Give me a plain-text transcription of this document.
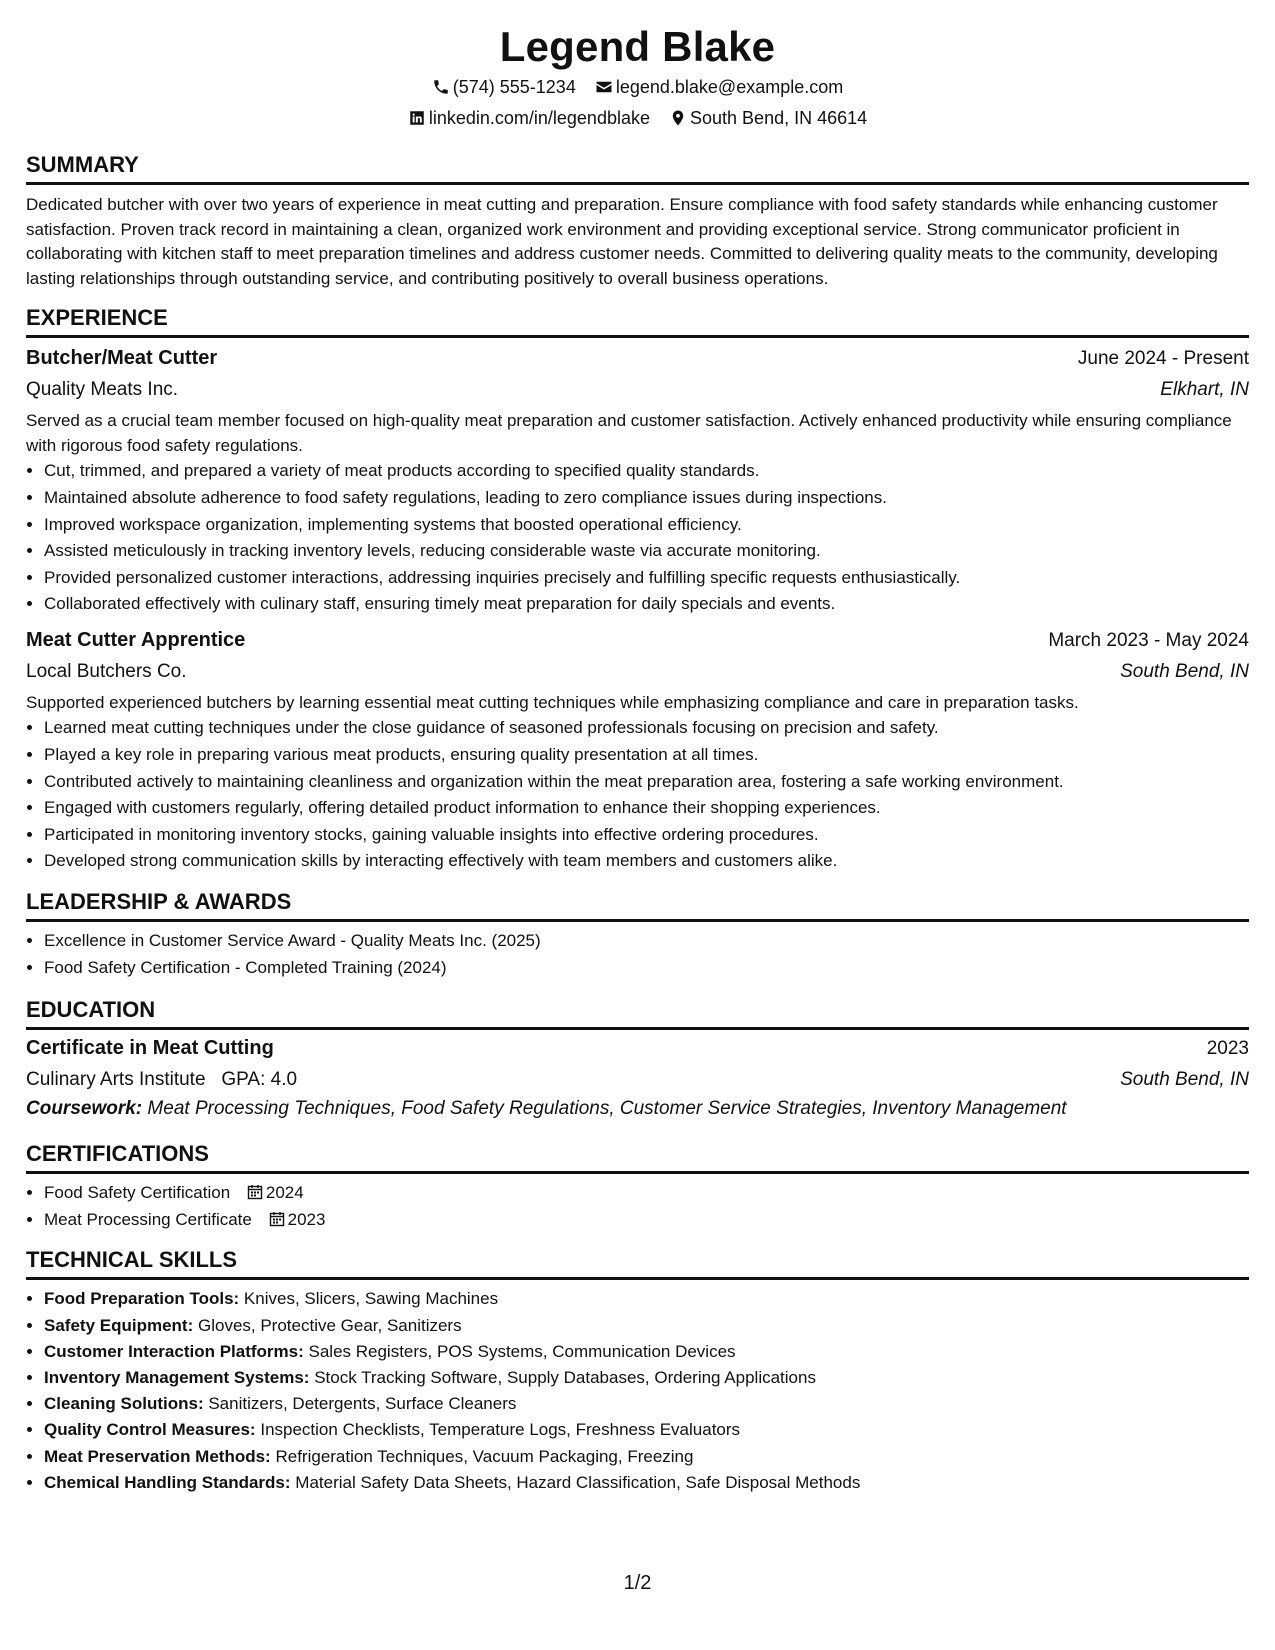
Legend Blake
(574) 555-1234
legend.blake@example.com
linkedin.com/in/legendblake
South Bend, IN 46614
SUMMARY

Dedicated butcher with over two years of experience in meat cutting and preparation. Ensure compliance with food safety standards while enhancing customer satisfaction. Proven track record in maintaining a clean, organized work environment and providing exceptional service. Strong communicator proficient in collaborating with kitchen staff to meet preparation timelines and address customer needs. Committed to delivering quality meats to the community, developing lasting relationships through outstanding service, and contributing positively to overall business operations.

EXPERIENCE
Butcher/Meat Cutter	June 2024 - Present
Quality Meats Inc.	Elkhart, IN

Served as a crucial team member focused on high-quality meat preparation and customer satisfaction. Actively enhanced productivity while ensuring compliance with rigorous food safety regulations.

• Cut, trimmed, and prepared a variety of meat products according to specified quality standards.
• Maintained absolute adherence to food safety regulations, leading to zero compliance issues during inspections.
• Improved workspace organization, implementing systems that boosted operational efficiency.
• Assisted meticulously in tracking inventory levels, reducing considerable waste via accurate monitoring.
• Provided personalized customer interactions, addressing inquiries precisely and fulfilling specific requests enthusiastically.
• Collaborated effectively with culinary staff, ensuring timely meat preparation for daily specials and events.
Meat Cutter Apprentice	March 2023 - May 2024
Local Butchers Co.	South Bend, IN

Supported experienced butchers by learning essential meat cutting techniques while emphasizing compliance and care in preparation tasks.

• Learned meat cutting techniques under the close guidance of seasoned professionals focusing on precision and safety.
• Played a key role in preparing various meat products, ensuring quality presentation at all times.
• Contributed actively to maintaining cleanliness and organization within the meat preparation area, fostering a safe working environment.
• Engaged with customers regularly, offering detailed product information to enhance their shopping experiences.
• Participated in monitoring inventory stocks, gaining valuable insights into effective ordering procedures.
• Developed strong communication skills by interacting effectively with team members and customers alike.
LEADERSHIP & AWARDS
• Excellence in Customer Service Award - Quality Meats Inc. (2025)
• Food Safety Certification - Completed Training (2024)
EDUCATION
Certificate in Meat Cutting	2023
Culinary Arts Institute GPA: 4.0	South Bend, IN
Coursework: Meat Processing Techniques, Food Safety Regulations, Customer Service Strategies, Inventory Management
CERTIFICATIONS
• Food Safety Certification 2024
• Meat Processing Certificate 2023
TECHNICAL SKILLS
• Food Preparation Tools: Knives, Slicers, Sawing Machines
• Safety Equipment: Gloves, Protective Gear, Sanitizers
• Customer Interaction Platforms: Sales Registers, POS Systems, Communication Devices
• Inventory Management Systems: Stock Tracking Software, Supply Databases, Ordering Applications
• Cleaning Solutions: Sanitizers, Detergents, Surface Cleaners
• Quality Control Measures: Inspection Checklists, Temperature Logs, Freshness Evaluators
• Meat Preservation Methods: Refrigeration Techniques, Vacuum Packaging, Freezing
• Chemical Handling Standards: Material Safety Data Sheets, Hazard Classification, Safe Disposal Methods
1/2
